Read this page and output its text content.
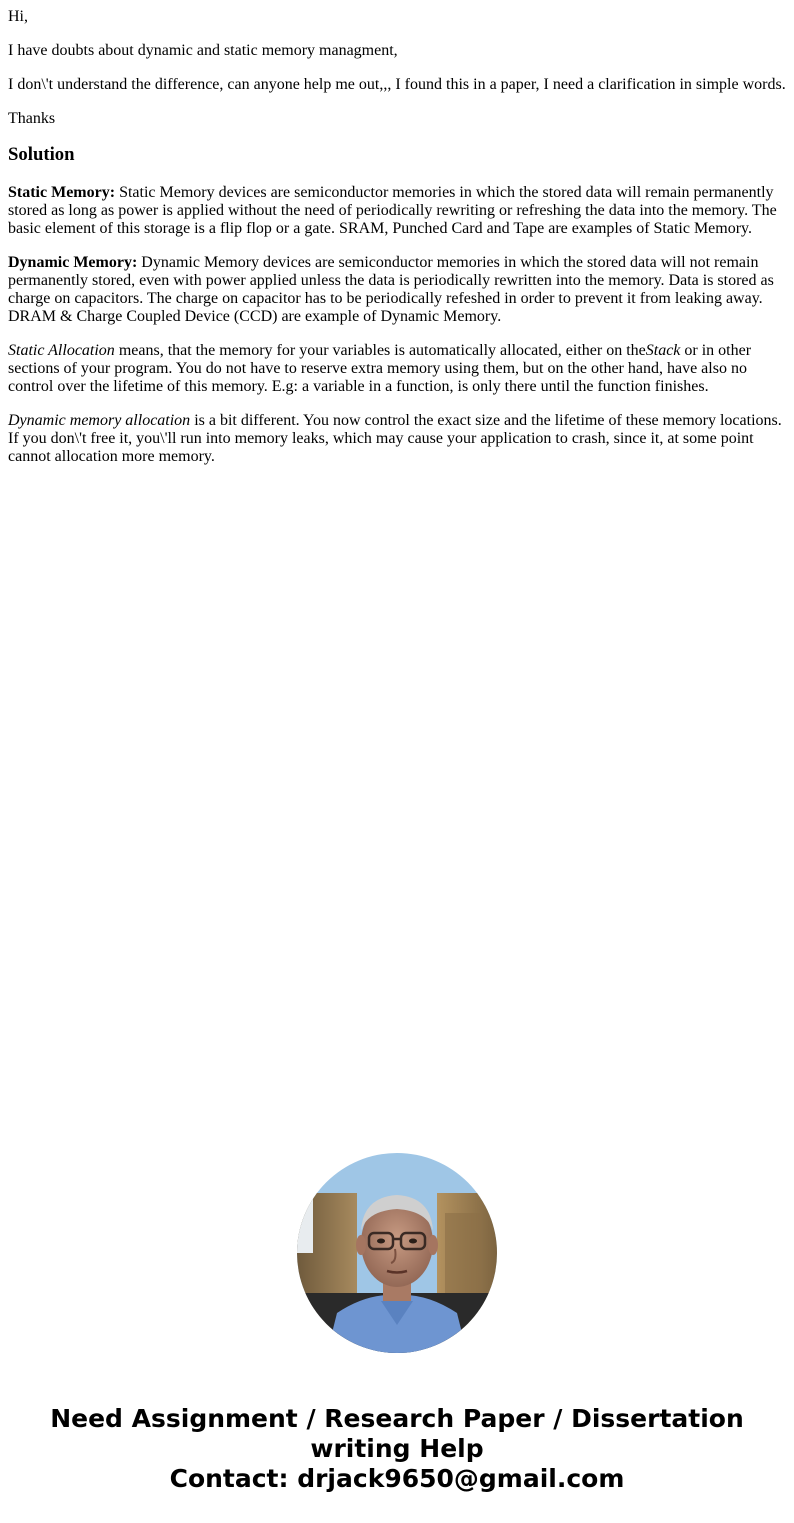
Hi,

I have doubts about dynamic and static memory managment,

I don\'t understand the difference, can anyone help me out,,, I found this in a paper, I need a clarification in simple words.

Thanks

Solution

Static Memory: Static Memory devices are semiconductor memories in which the stored data will remain permanently stored as long as power is applied without the need of periodically rewriting or refreshing the data into the memory. The basic element of this storage is a flip flop or a gate. SRAM, Punched Card and Tape are examples of Static Memory.

Dynamic Memory: Dynamic Memory devices are semiconductor memories in which the stored data will not remain permanently stored, even with power applied unless the data is periodically rewritten into the memory. Data is stored as charge on capacitors. The charge on capacitor has to be periodically refeshed in order to prevent it from leaking away. DRAM & Charge Coupled Device (CCD) are example of Dynamic Memory.

Static Allocation means, that the memory for your variables is automatically allocated, either on theStack or in other sections of your program. You do not have to reserve extra memory using them, but on the other hand, have also no control over the lifetime of this memory. E.g: a variable in a function, is only there until the function finishes.

Dynamic memory allocation is a bit different. You now control the exact size and the lifetime of these memory locations. If you don\'t free it, you\'ll run into memory leaks, which may cause your application to crash, since it, at some point cannot allocation more memory.

Need Assignment / Research Paper / Dissertation writing Help
Contact: drjack9650@gmail.com
